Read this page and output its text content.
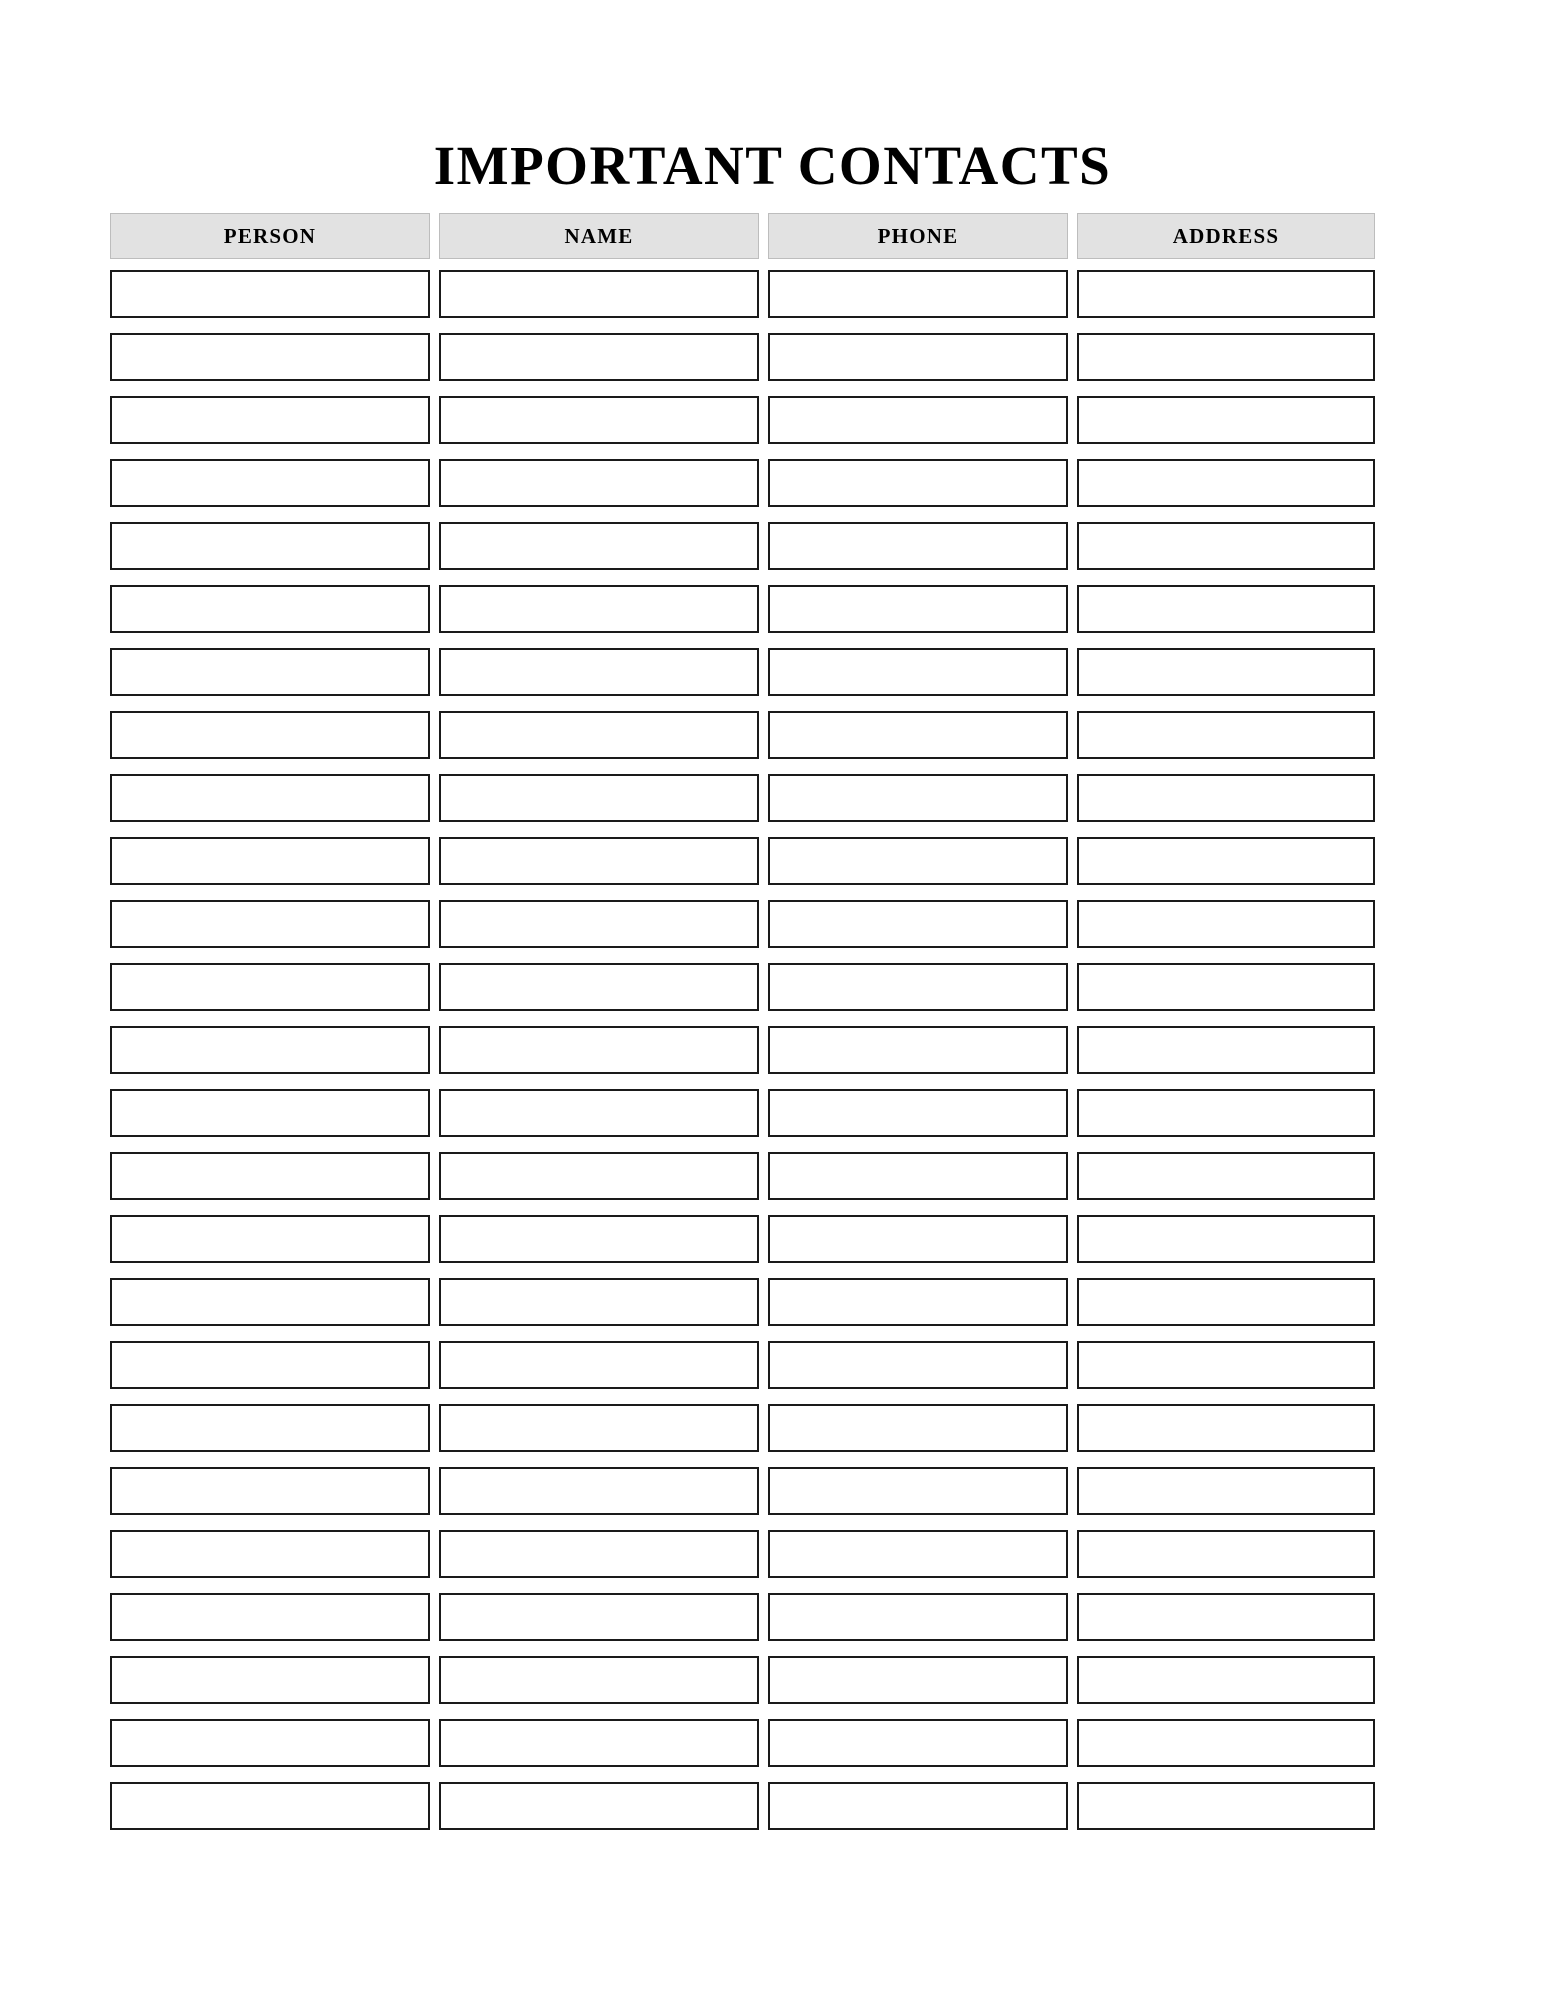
IMPORTANT CONTACTS
PERSON	NAME	PHONE	ADDRESS
